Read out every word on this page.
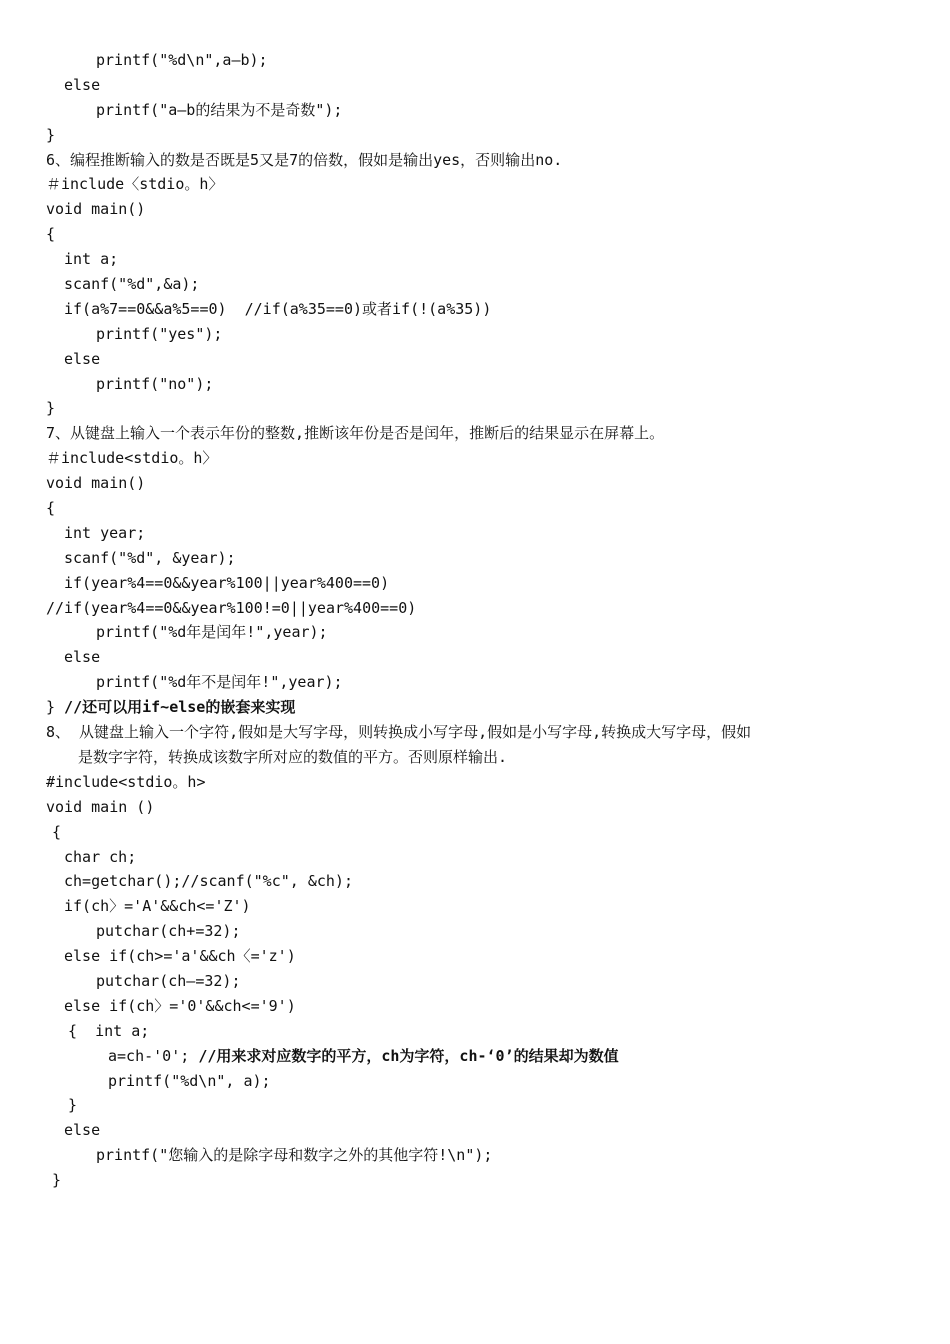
printf("%d\n",a—b);
else
printf("a—b的结果为不是奇数");
}
6、编程推断输入的数是否既是5又是7的倍数，假如是输出yes，否则输出no.
＃include〈stdio。h〉
void main()
{
int a;
scanf("%d",&a);
if(a%7==0&&a%5==0)  //if(a%35==0)或者if(!(a%35))
printf("yes");
else
printf("no");
}
7、从键盘上输入一个表示年份的整数,推断该年份是否是闰年，推断后的结果显示在屏幕上。
＃include<stdio。h〉
void main()
{
int year;
scanf("%d", &year);
if(year%4==0&&year%100||year%400==0)
//if(year%4==0&&year%100!=0||year%400==0)
printf("%d年是闰年!",year);
else
printf("%d年不是闰年!",year);
} //还可以用if~else的嵌套来实现
8、 从键盘上输入一个字符,假如是大写字母，则转换成小写字母,假如是小写字母,转换成大写字母，假如
是数字字符，转换成该数字所对应的数值的平方。否则原样输出.
#include<stdio。h>
void main ()
{
char ch;
ch=getchar();//scanf("%c", &ch);
if(ch〉='A'&&ch<='Z')
putchar(ch+=32);
else if(ch>='a'&&ch〈='z')
putchar(ch—=32);
else if(ch〉='0'&&ch<='9')
{  int a;
a=ch-'0'; //用来求对应数字的平方，ch为字符，ch-‘0’的结果却为数值
printf("%d\n", a);
}
else
printf("您输入的是除字母和数字之外的其他字符!\n");
}
